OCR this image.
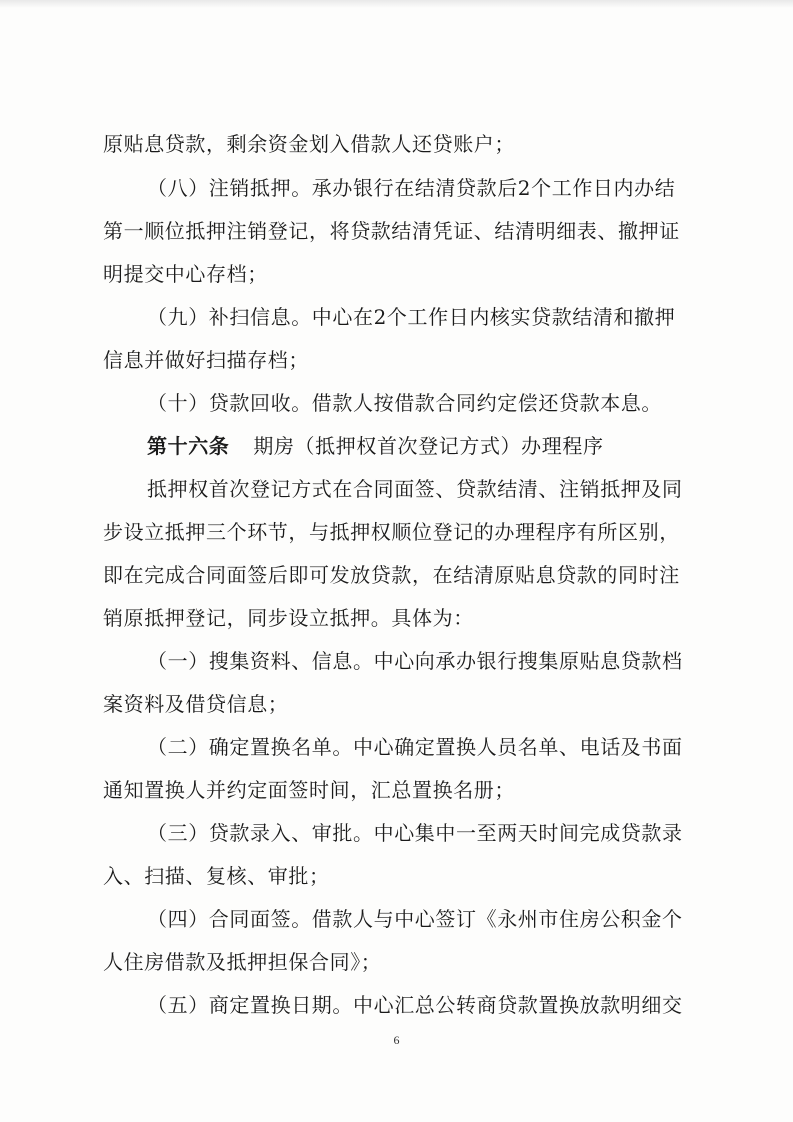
原贴息贷款，剩余资金划入借款人还贷账户；
（八）注销抵押。承办银行在结清贷款后2个工作日内办结
第一顺位抵押注销登记，将贷款结清凭证、结清明细表、撤押证
明提交中心存档；
（九）补扫信息。中心在2个工作日内核实贷款结清和撤押
信息并做好扫描存档；
（十）贷款回收。借款人按借款合同约定偿还贷款本息。
第十六条 期房（抵押权首次登记方式）办理程序
抵押权首次登记方式在合同面签、贷款结清、注销抵押及同
步设立抵押三个环节，与抵押权顺位登记的办理程序有所区别，
即在完成合同面签后即可发放贷款，在结清原贴息贷款的同时注
销原抵押登记，同步设立抵押。具体为：
（一）搜集资料、信息。中心向承办银行搜集原贴息贷款档
案资料及借贷信息；
（二）确定置换名单。中心确定置换人员名单、电话及书面
通知置换人并约定面签时间，汇总置换名册；
（三）贷款录入、审批。中心集中一至两天时间完成贷款录
入、扫描、复核、审批；
（四）合同面签。借款人与中心签订《永州市住房公积金个
人住房借款及抵押担保合同》；
（五）商定置换日期。中心汇总公转商贷款置换放款明细交
6
